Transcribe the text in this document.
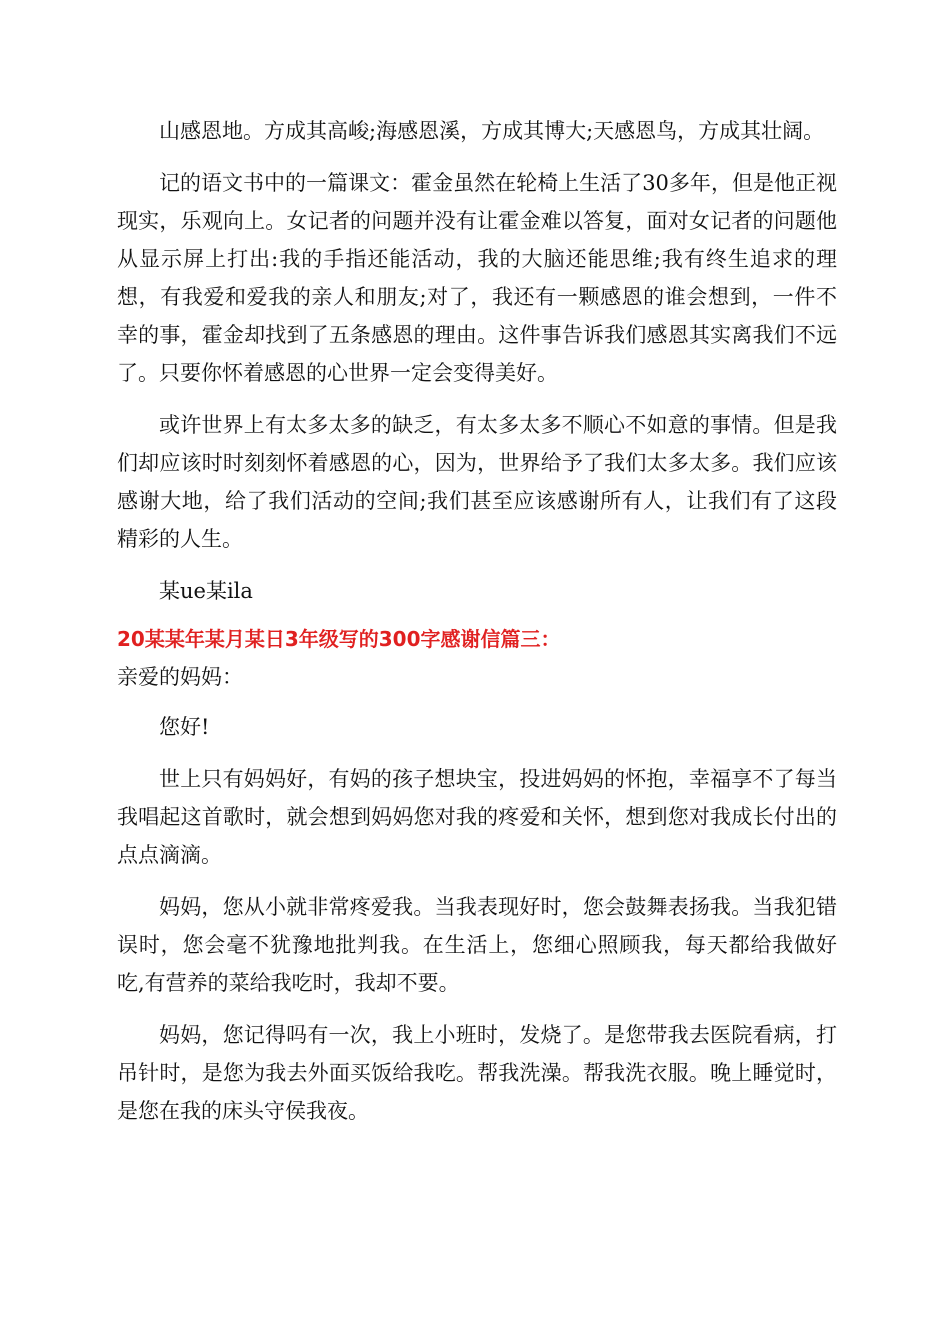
山感恩地。方成其高峻;海感恩溪，方成其博大;天感恩鸟，方成其壮阔。

记的语文书中的一篇课文：霍金虽然在轮椅上生活了30多年，但是他正视现实，乐观向上。女记者的问题并没有让霍金难以答复，面对女记者的问题他从显示屏上打出:我的手指还能活动，我的大脑还能思维;我有终生追求的理想，有我爱和爱我的亲人和朋友;对了，我还有一颗感恩的谁会想到，一件不幸的事，霍金却找到了五条感恩的理由。这件事告诉我们感恩其实离我们不远了。只要你怀着感恩的心世界一定会变得美好。

或许世界上有太多太多的缺乏，有太多太多不顺心不如意的事情。但是我们却应该时时刻刻怀着感恩的心，因为，世界给予了我们太多太多。我们应该感谢大地，给了我们活动的空间;我们甚至应该感谢所有人，让我们有了这段精彩的人生。

某ue某ila

20某某年某月某日3年级写的300字感谢信篇三：

亲爱的妈妈：

您好!

世上只有妈妈好，有妈的孩子想块宝，投进妈妈的怀抱，幸福享不了每当我唱起这首歌时，就会想到妈妈您对我的疼爱和关怀，想到您对我成长付出的点点滴滴。

妈妈，您从小就非常疼爱我。当我表现好时，您会鼓舞表扬我。当我犯错误时，您会毫不犹豫地批判我。在生活上，您细心照顾我，每天都给我做好吃,有营养的菜给我吃时，我却不要。

妈妈，您记得吗有一次，我上小班时，发烧了。是您带我去医院看病，打吊针时，是您为我去外面买饭给我吃。帮我洗澡。帮我洗衣服。晚上睡觉时，是您在我的床头守侯我夜。
